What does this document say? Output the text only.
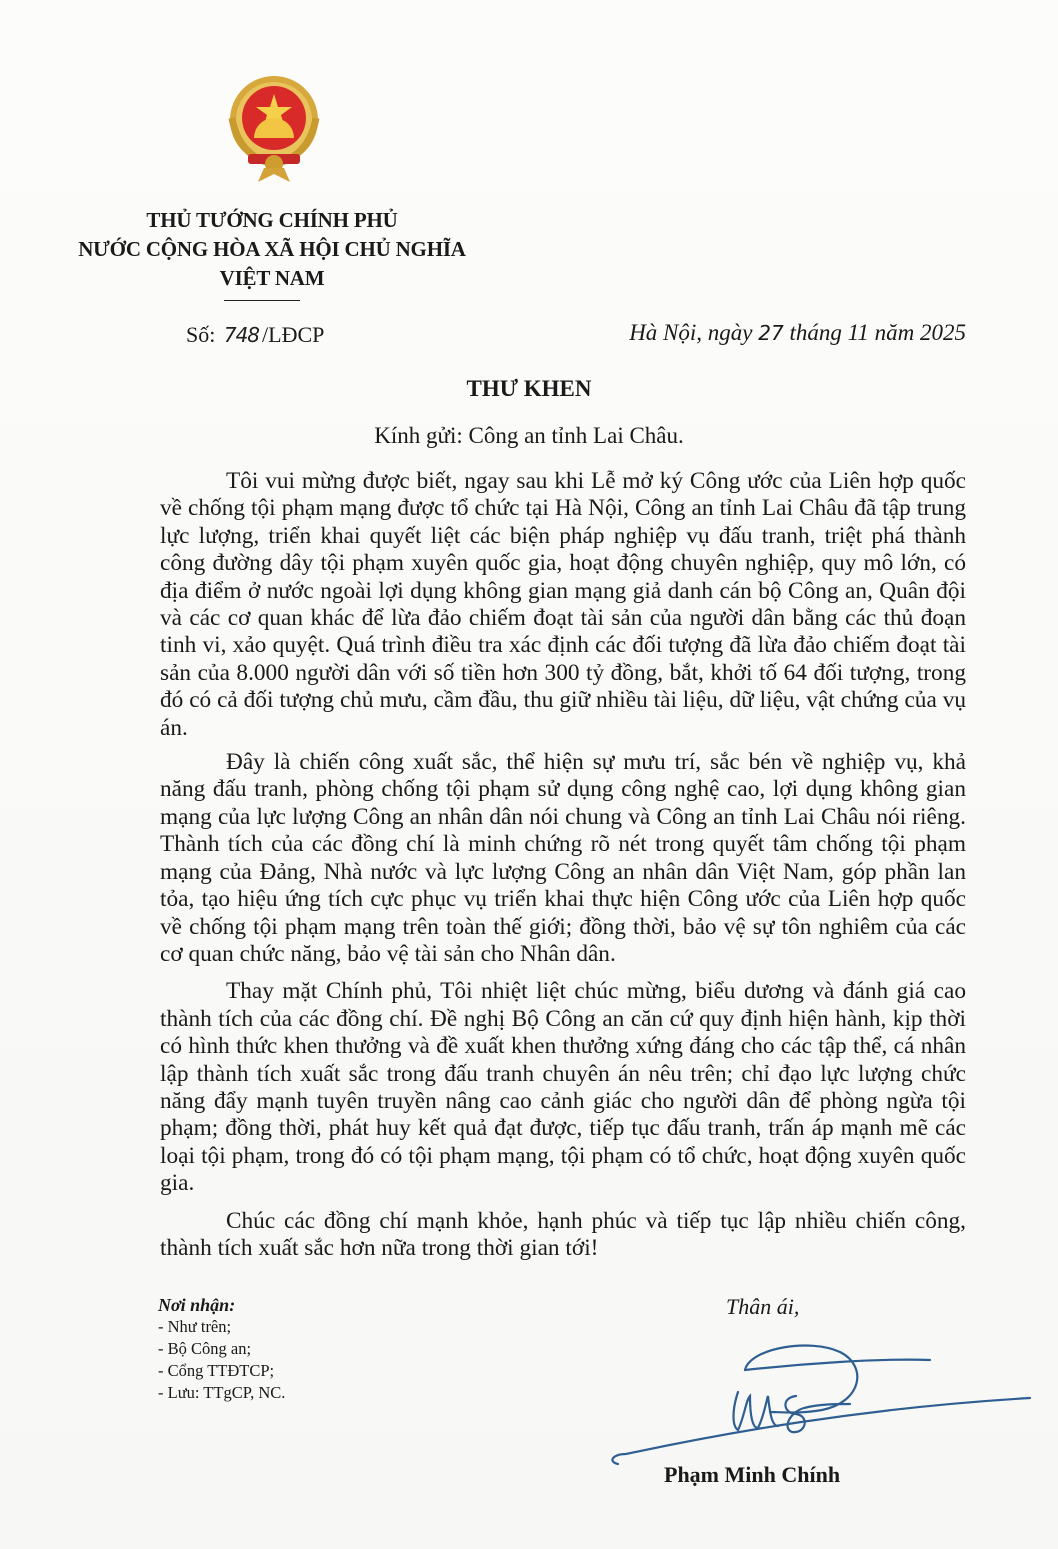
THỦ TƯỚNG CHÍNH PHỦ
NƯỚC CỘNG HÒA XÃ HỘI CHỦ NGHĨA
VIỆT NAM
Số: 748 /LĐCP	Hà Nội, ngày 27 tháng 11 năm 2025
THƯ KHEN
Kính gửi: Công an tỉnh Lai Châu.

Tôi vui mừng được biết, ngay sau khi Lễ mở ký Công ước của Liên hợp quốc về chống tội phạm mạng được tổ chức tại Hà Nội, Công an tỉnh Lai Châu đã tập trung lực lượng, triển khai quyết liệt các biện pháp nghiệp vụ đấu tranh, triệt phá thành công đường dây tội phạm xuyên quốc gia, hoạt động chuyên nghiệp, quy mô lớn, có địa điểm ở nước ngoài lợi dụng không gian mạng giả danh cán bộ Công an, Quân đội và các cơ quan khác để lừa đảo chiếm đoạt tài sản của người dân bằng các thủ đoạn tinh vi, xảo quyệt. Quá trình điều tra xác định các đối tượng đã lừa đảo chiếm đoạt tài sản của 8.000 người dân với số tiền hơn 300 tỷ đồng, bắt, khởi tố 64 đối tượng, trong đó có cả đối tượng chủ mưu, cầm đầu, thu giữ nhiều tài liệu, dữ liệu, vật chứng của vụ án.

Đây là chiến công xuất sắc, thể hiện sự mưu trí, sắc bén về nghiệp vụ, khả năng đấu tranh, phòng chống tội phạm sử dụng công nghệ cao, lợi dụng không gian mạng của lực lượng Công an nhân dân nói chung và Công an tỉnh Lai Châu nói riêng. Thành tích của các đồng chí là minh chứng rõ nét trong quyết tâm chống tội phạm mạng của Đảng, Nhà nước và lực lượng Công an nhân dân Việt Nam, góp phần lan tỏa, tạo hiệu ứng tích cực phục vụ triển khai thực hiện Công ước của Liên hợp quốc về chống tội phạm mạng trên toàn thế giới; đồng thời, bảo vệ sự tôn nghiêm của các cơ quan chức năng, bảo vệ tài sản cho Nhân dân.

Thay mặt Chính phủ, Tôi nhiệt liệt chúc mừng, biểu dương và đánh giá cao thành tích của các đồng chí. Đề nghị Bộ Công an căn cứ quy định hiện hành, kịp thời có hình thức khen thưởng và đề xuất khen thưởng xứng đáng cho các tập thể, cá nhân lập thành tích xuất sắc trong đấu tranh chuyên án nêu trên; chỉ đạo lực lượng chức năng đẩy mạnh tuyên truyền nâng cao cảnh giác cho người dân để phòng ngừa tội phạm; đồng thời, phát huy kết quả đạt được, tiếp tục đấu tranh, trấn áp mạnh mẽ các loại tội phạm, trong đó có tội phạm mạng, tội phạm có tổ chức, hoạt động xuyên quốc gia.

Chúc các đồng chí mạnh khỏe, hạnh phúc và tiếp tục lập nhiều chiến công, thành tích xuất sắc hơn nữa trong thời gian tới!

Nơi nhận:
- Như trên;
- Bộ Công an;
- Cổng TTĐTCP;
- Lưu: TTgCP, NC.
Thân ái,
Phạm Minh Chính
